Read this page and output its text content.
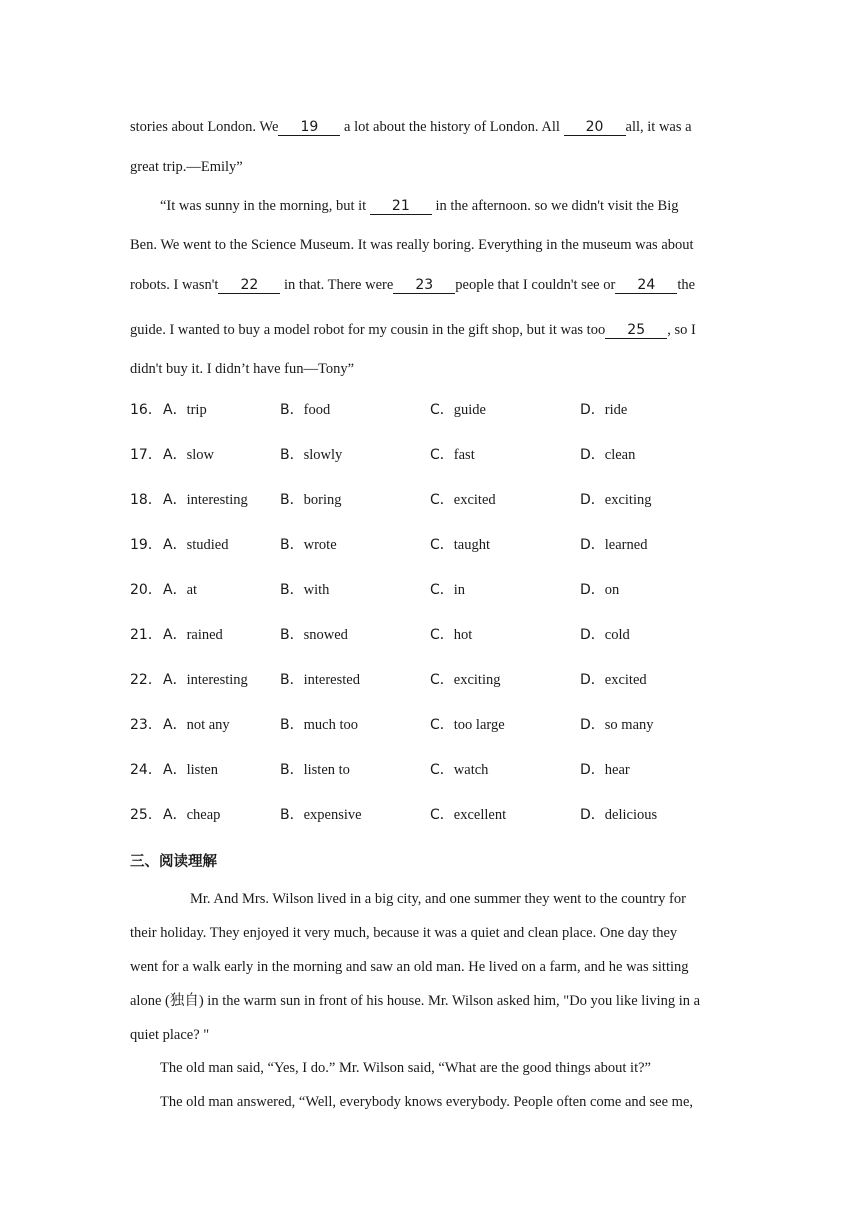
stories about London. We 19 a lot about the history of London. All 20 all, it was a
great trip.—Emily”
“It was sunny in the morning, but it 21 in the afternoon. so we didn't visit the Big
Ben. We went to the Science Museum. It was really boring. Everything in the museum was about
robots. I wasn't 22 in that. There were 23 people that I couldn't see or 24 the
guide. I wanted to buy a model robot for my cousin in the gift shop, but it was too 25 , so I
didn't buy it. I didn’t have fun—Tony”
16． A．trip	B．food	C．guide	D．ride
17． A．slow	B．slowly	C．fast	D．clean
18． A．interesting B．boring	C．excited	D．exciting
19． A．studied	B．wrote	C．taught	D．learned
20． A．at	B．with	C．in	D．on
21． A．rained	B．snowed	C．hot	D．cold
22． A．interesting B．interested	C．exciting	D．excited
23． A．not any	B．much too	C．too large	D．so many
24． A．listen	B．listen to	C．watch	D．hear
25． A．cheap	B．expensive	C．excellent	D．delicious
三、阅读理解
Mr. And Mrs. Wilson lived in a big city, and one summer they went to the country for
their holiday. They enjoyed it very much, because it was a quiet and clean place. One day they
went for a walk early in the morning and saw an old man. He lived on a farm, and he was sitting
alone (独自) in the warm sun in front of his house. Mr. Wilson asked him, "Do you like living in a
quiet place? "
The old man said, “Yes, I do.” Mr. Wilson said, “What are the good things about it?”
The old man answered, “Well, everybody knows everybody. People often come and see me,
